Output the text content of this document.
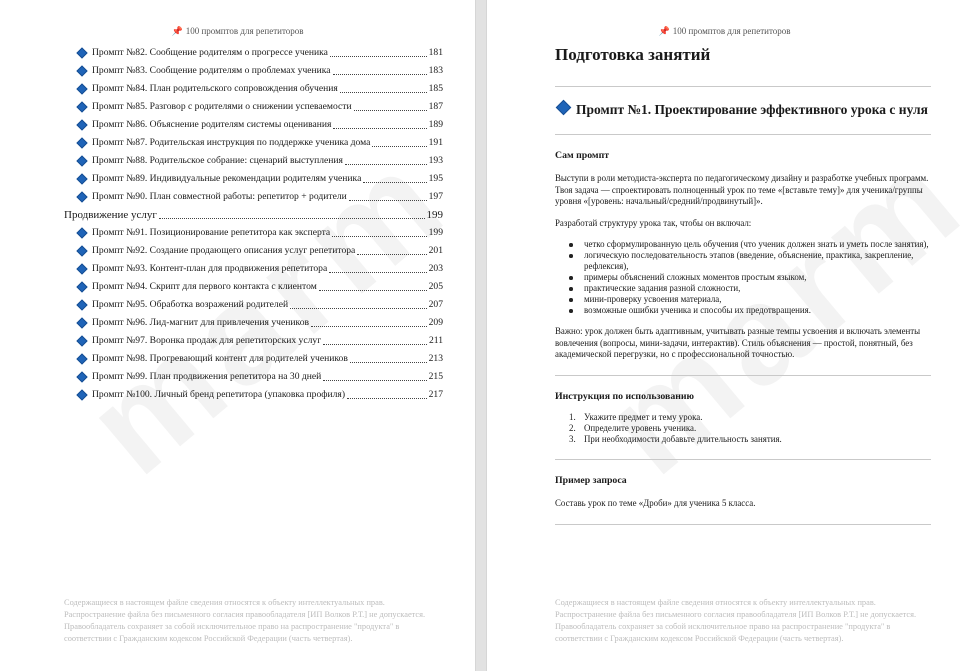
📌 100 промптов для репетиторов
Промпт №82. Сообщение родителям о прогрессе ученика	181
Промпт №83. Сообщение родителям о проблемах ученика	183
Промпт №84. План родительского сопровождения обучения	185
Промпт №85. Разговор с родителями о снижении успеваемости	187
Промпт №86. Объяснение родителям системы оценивания	189
Промпт №87. Родительская инструкция по поддержке ученика дома	191
Промпт №88. Родительское собрание: сценарий выступления	193
Промпт №89. Индивидуальные рекомендации родителям ученика	195
Промпт №90. План совместной работы: репетитор + родители	197
Продвижение услуг	199
Промпт №91. Позиционирование репетитора как эксперта	199
Промпт №92. Создание продающего описания услуг репетитора	201
Промпт №93. Контент-план для продвижения репетитора	203
Промпт №94. Скрипт для первого контакта с клиентом	205
Промпт №95. Обработка возражений родителей	207
Промпт №96. Лид-магнит для привлечения учеников	209
Промпт №97. Воронка продаж для репетиторских услуг	211
Промпт №98. Прогревающий контент для родителей учеников	213
Промпт №99. План продвижения репетитора на 30 дней	215
Промпт №100. Личный бренд репетитора (упаковка профиля)	217
Содержащиеся в настоящем файле сведения относятся к объекту интеллектуальных прав. Распространение файла без письменного согласия правообладателя [ИП Волков Р.Т.] не допускается. Правообладатель сохраняет за собой исключительное право на распространение "продукта" в соответствии с Гражданским кодексом Российской Федерации (часть четвертая).
📌 100 промптов для репетиторов
Подготовка занятий
Промпт №1. Проектирование эффективного урока с нуля
Сам промпт

Выступи в роли методиста-эксперта по педагогическому дизайну и разработке учебных программ. Твоя задача — спроектировать полноценный урок по теме «[вставьте тему]» для ученика/группы уровня «[уровень: начальный/средний/продвинутый]».

Разработай структуру урока так, чтобы он включал:

четко сформулированную цель обучения (что ученик должен знать и уметь после занятия),
логическую последовательность этапов (введение, объяснение, практика, закрепление, рефлексия),
примеры объяснений сложных моментов простым языком,
практические задания разной сложности,
мини-проверку усвоения материала,
возможные ошибки ученика и способы их предотвращения.

Важно: урок должен быть адаптивным, учитывать разные темпы усвоения и включать элементы вовлечения (вопросы, мини-задачи, интерактив). Стиль объяснения — простой, понятный, без академической перегрузки, но с профессиональной точностью.

Инструкция по использованию
1. Укажите предмет и тему урока.
2. Определите уровень ученика.
3. При необходимости добавьте длительность занятия.
Пример запроса

Составь урок по теме «Дроби» для ученика 5 класса.

Содержащиеся в настоящем файле сведения относятся к объекту интеллектуальных прав. Распространение файла без письменного согласия правообладателя [ИП Волков Р.Т.] не допускается. Правообладатель сохраняет за собой исключительное право на распространение "продукта" в соответствии с Гражданским кодексом Российской Федерации (часть четвертая).
